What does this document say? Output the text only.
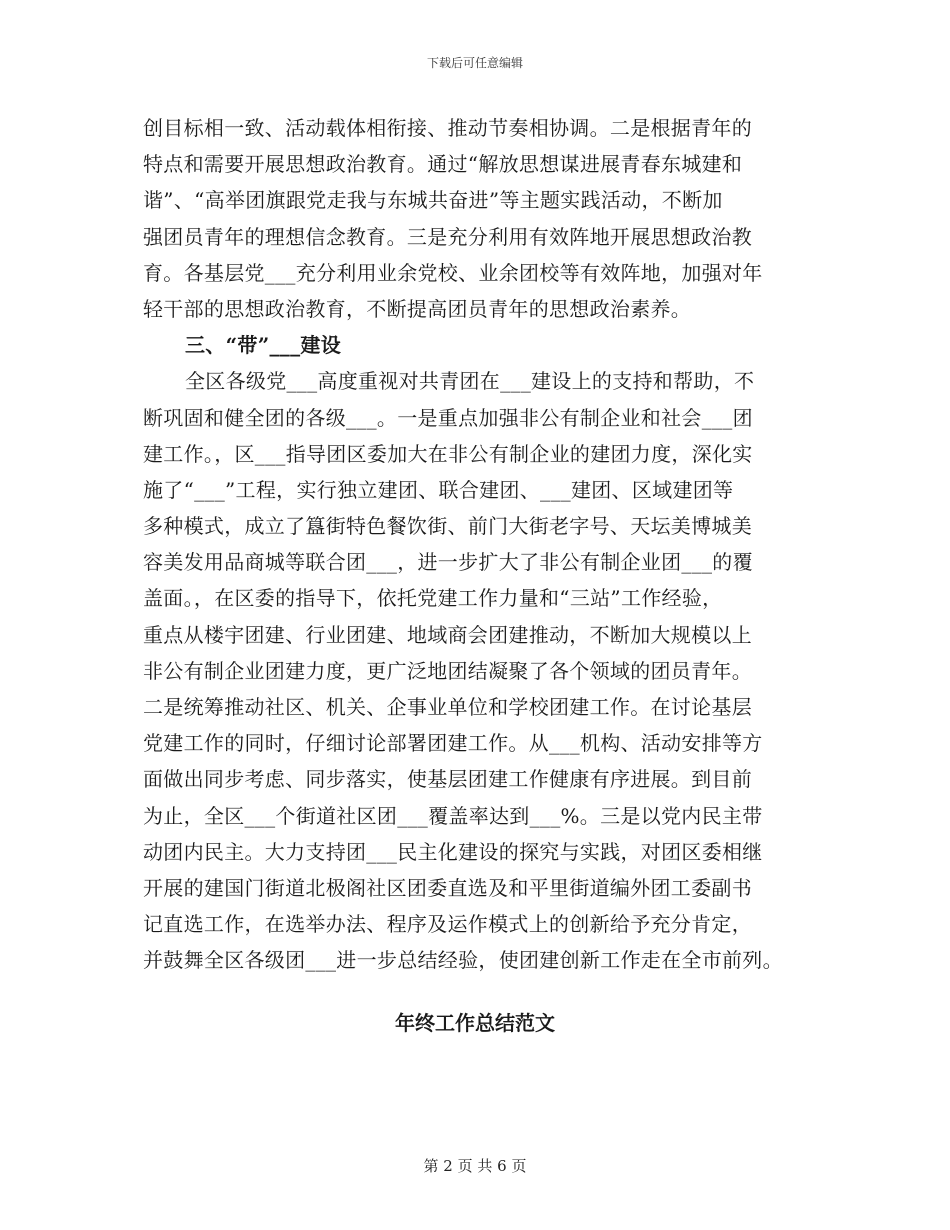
下载后可任意编辑
创目标相一致、活动载体相衔接、推动节奏相协调。二是根据青年的
特点和需要开展思想政治教育。通过“解放思想谋进展青春东城建和
谐”、“高举团旗跟党走我与东城共奋进”等主题实践活动，不断加
强团员青年的理想信念教育。三是充分利用有效阵地开展思想政治教
育。各基层党___充分利用业余党校、业余团校等有效阵地，加强对年
轻干部的思想政治教育，不断提高团员青年的思想政治素养。
三、“带”___建设
全区各级党___高度重视对共青团在___建设上的支持和帮助，不
断巩固和健全团的各级___。一是重点加强非公有制企业和社会___团
建工作。，区___指导团区委加大在非公有制企业的建团力度，深化实
施了“___”工程，实行独立建团、联合建团、___建团、区域建团等
多种模式，成立了簋街特色餐饮街、前门大街老字号、天坛美博城美
容美发用品商城等联合团___，进一步扩大了非公有制企业团___的覆
盖面。，在区委的指导下，依托党建工作力量和“三站”工作经验，
重点从楼宇团建、行业团建、地域商会团建推动，不断加大规模以上
非公有制企业团建力度，更广泛地团结凝聚了各个领域的团员青年。
二是统筹推动社区、机关、企事业单位和学校团建工作。在讨论基层
党建工作的同时，仔细讨论部署团建工作。从___机构、活动安排等方
面做出同步考虑、同步落实，使基层团建工作健康有序进展。到目前
为止，全区___个街道社区团___覆盖率达到___%。三是以党内民主带
动团内民主。大力支持团___民主化建设的探究与实践，对团区委相继
开展的建国门街道北极阁社区团委直选及和平里街道编外团工委副书
记直选工作，在选举办法、程序及运作模式上的创新给予充分肯定，
并鼓舞全区各级团___进一步总结经验，使团建创新工作走在全市前列。
年终工作总结范文
第 2 页 共 6 页
